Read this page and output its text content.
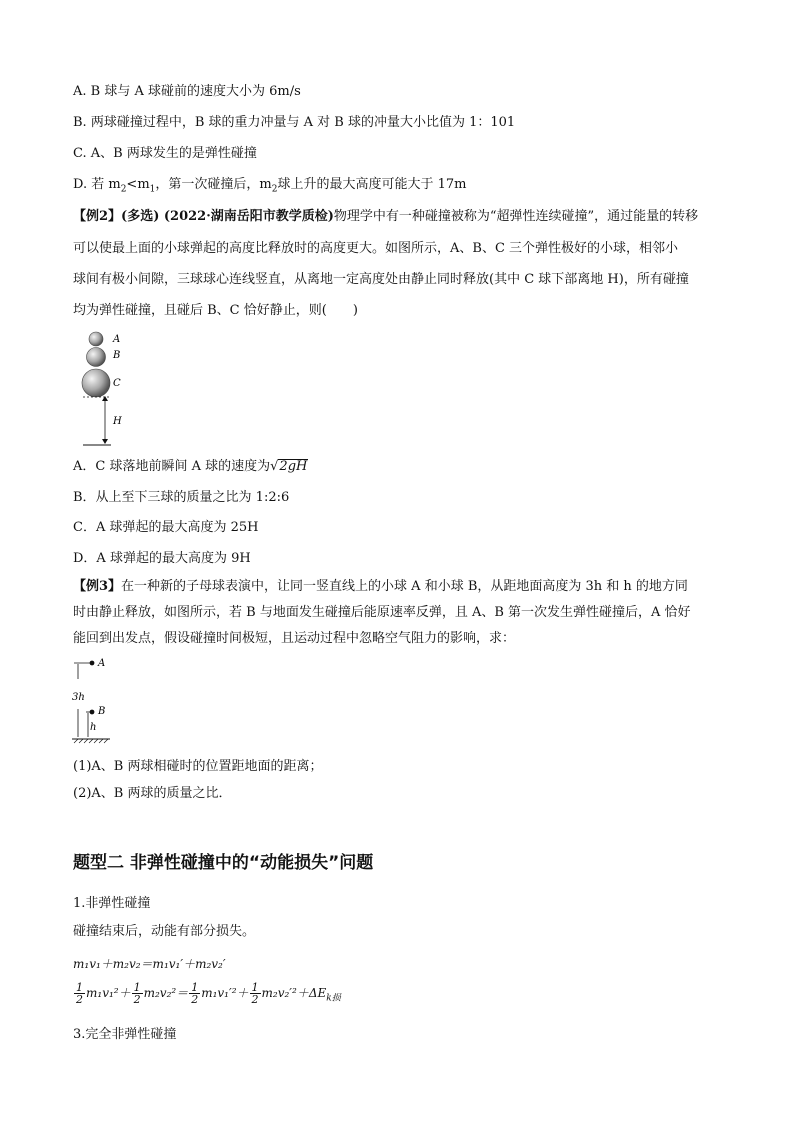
A. B 球与 A 球碰前的速度大小为 6m/s
B. 两球碰撞过程中，B 球的重力冲量与 A 对 B 球的冲量大小比值为 1：101
C. A、B 两球发生的是弹性碰撞
D. 若 $m_2<m_1$，第一次碰撞后，$m_2$球上升的最大高度可能大于 17m
【例2】(多选) (2022·湖南岳阳市教学质检)物理学中有一种碰撞被称为“超弹性连续碰撞”，通过能量的转移
可以使最上面的小球弹起的高度比释放时的高度更大。如图所示，A、B、C 三个弹性极好的小球，相邻小
球间有极小间隙，三球球心连线竖直，从离地一定高度处由静止同时释放(其中 C 球下部离地 H)，所有碰撞
均为弹性碰撞，且碰后 B、C 恰好静止，则(　　)
A
B
C
H
A．C 球落地前瞬间 A 球的速度为√2gH
B．从上至下三球的质量之比为 1:2:6
C．A 球弹起的最大高度为 25H
D．A 球弹起的最大高度为 9H
【例3】在一种新的子母球表演中，让同一竖直线上的小球 A 和小球 B，从距地面高度为 3h 和 h 的地方同
时由静止释放，如图所示，若 B 与地面发生碰撞后能原速率反弹，且 A、B 第一次发生弹性碰撞后，A 恰好
能回到出发点，假设碰撞时间极短，且运动过程中忽略空气阻力的影响，求：
A
3h
B
h
(1)A、B 两球相碰时的位置距地面的距离；
(2)A、B 两球的质量之比．
题型二 非弹性碰撞中的“动能损失”问题
1.非弹性碰撞
碰撞结束后，动能有部分损失。
m₁v₁＋m₂v₂＝m₁v₁′＋m₂v₂′
$\frac{1}{2} m_1v_1^2+ \frac{1}{2} m_2v_2^2= \frac{1}{2} m_1v_1'^2+ \frac{1}{2} m_2v_2'^2+\Delta E_{k损}$
3.完全非弹性碰撞
